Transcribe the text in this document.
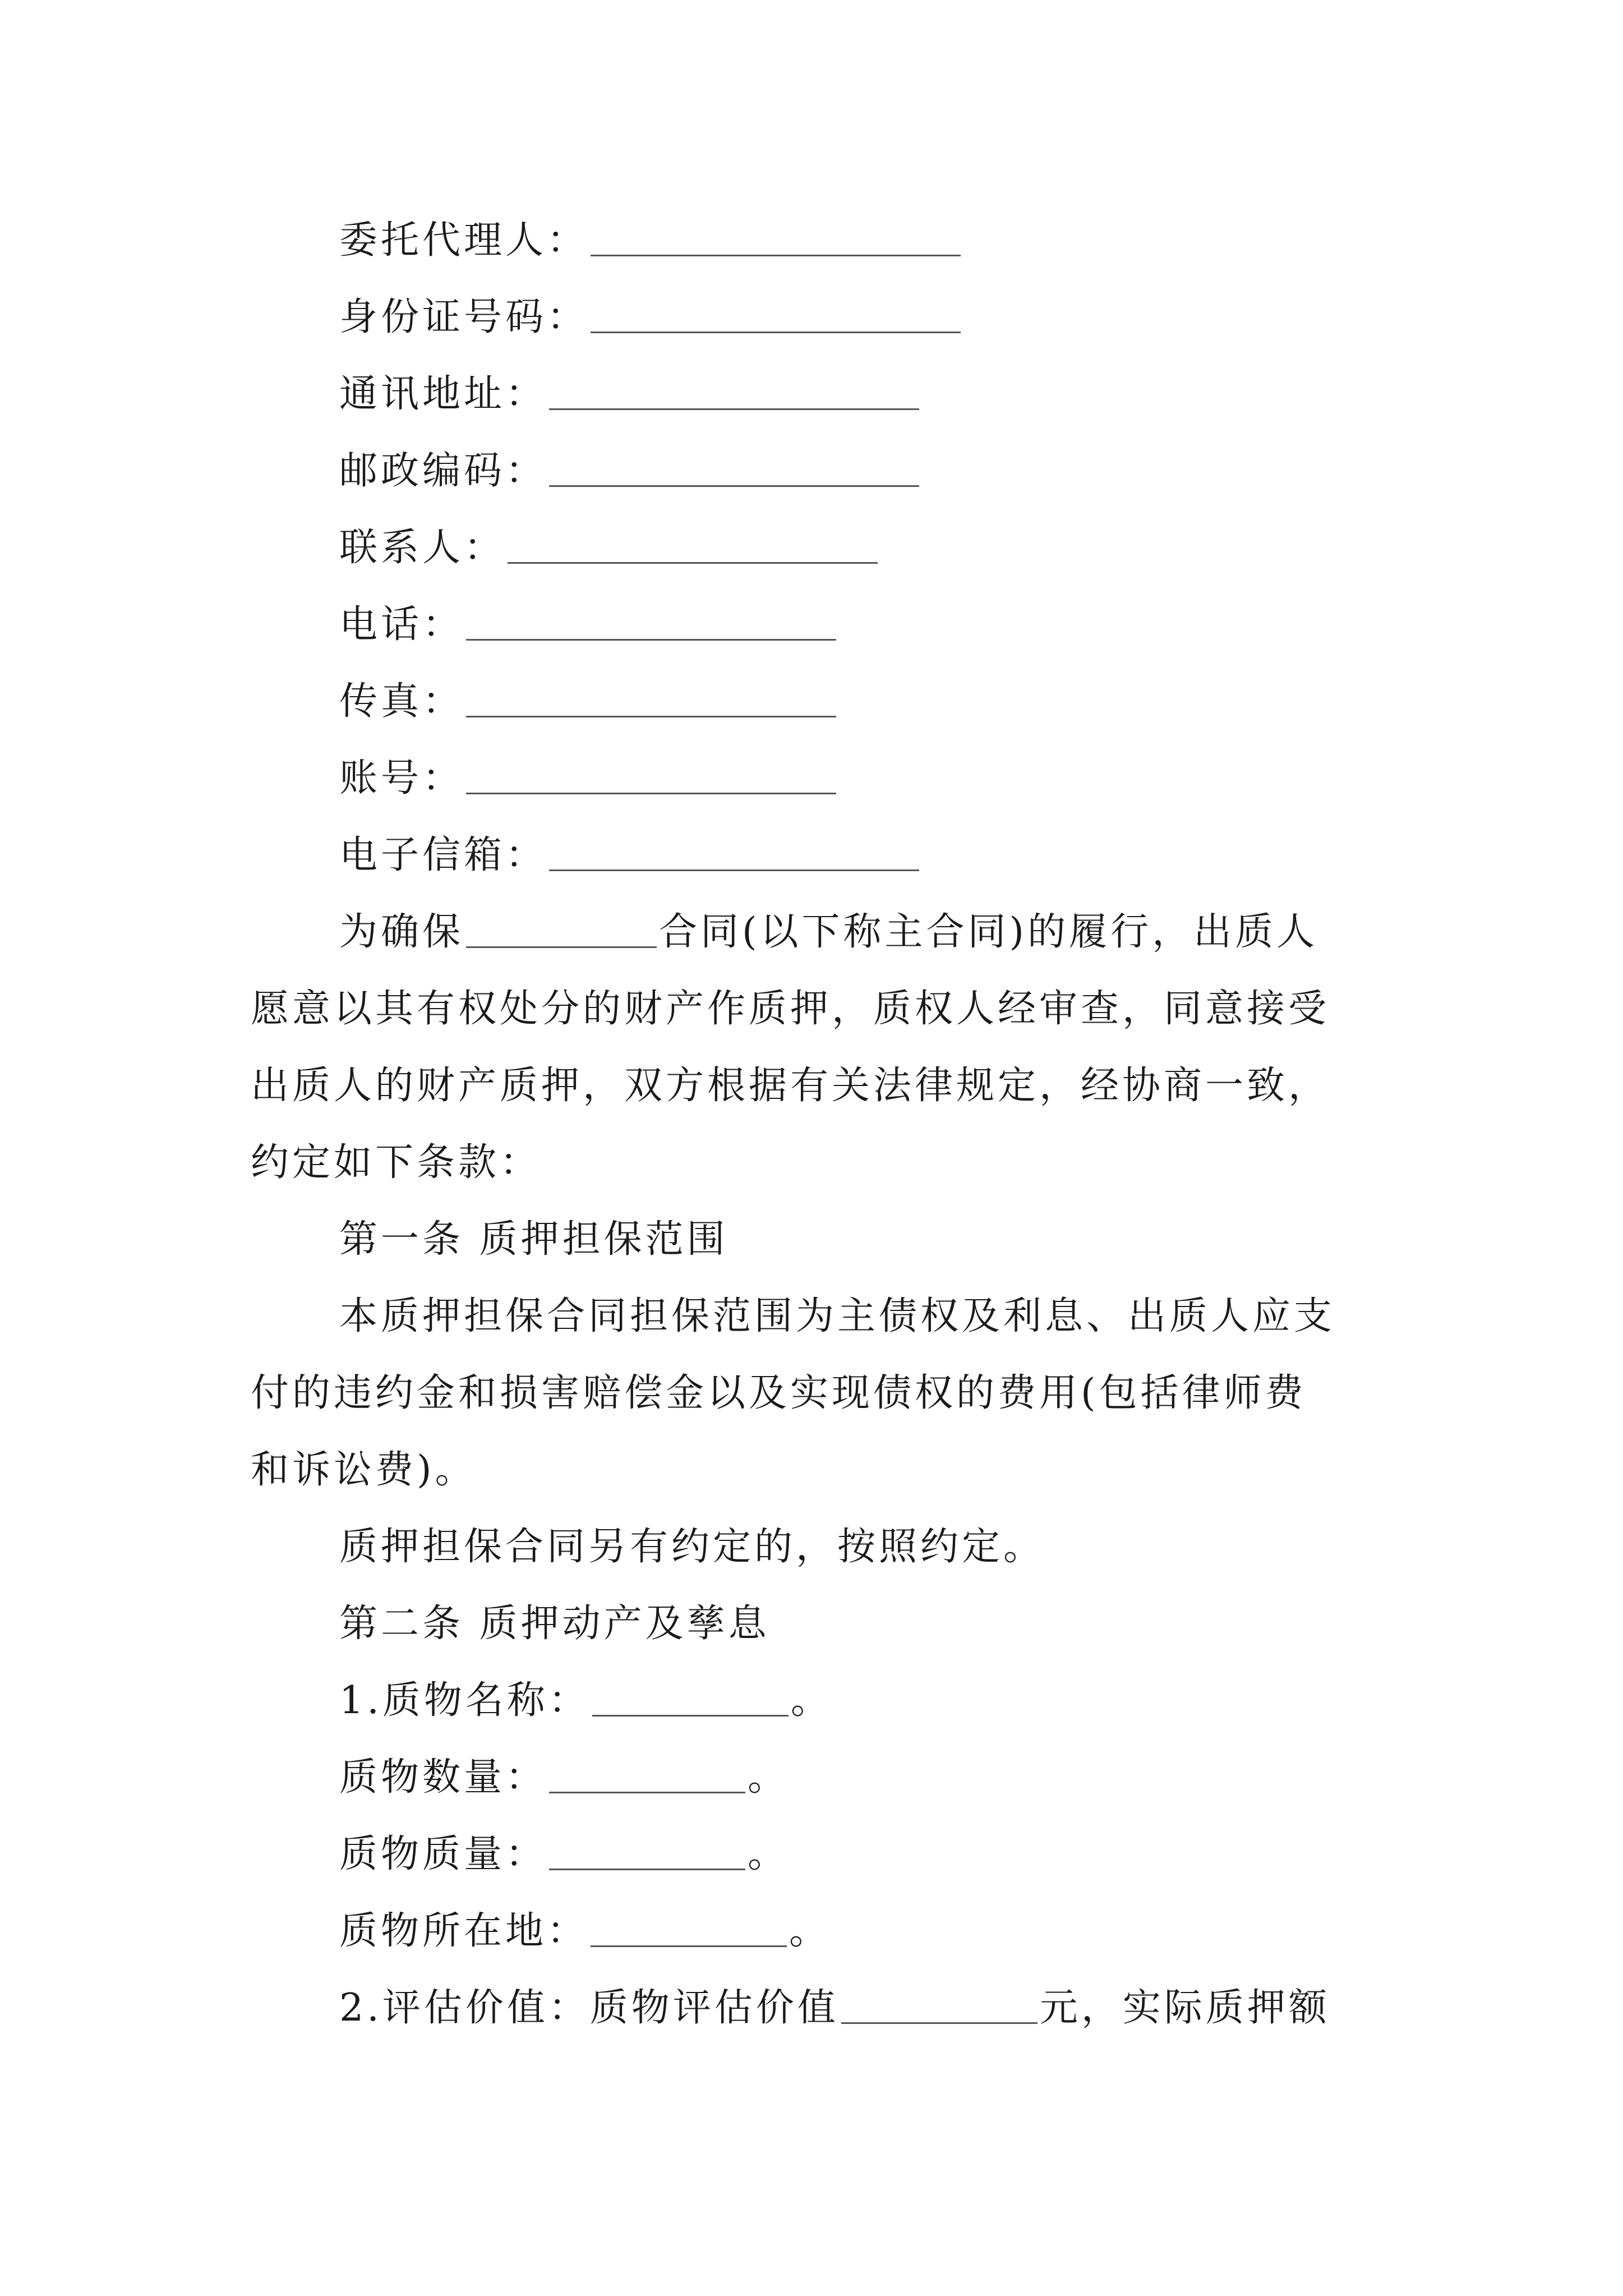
委托代理人：
身份证号码：
通讯地址：
邮政编码：
联系人：
电话：
传真：
账号：
电子信箱：
为确保	合同(以下称主合同)的履行，出质人
愿意以其有权处分的财产作质押，质权人经审查，同意接受
出质人的财产质押，双方根据有关法律规定，经协商一致，
约定如下条款：
第一条 质押担保范围
本质押担保合同担保范围为主债权及利息、出质人应支
付的违约金和损害赔偿金以及实现债权的费用(包括律师费
和诉讼费)。
质押担保合同另有约定的，按照约定。
第二条 质押动产及孳息
1.质物名称：	。
质物数量：	。
质物质量：	。
质物所在地：	。
2.评估价值：质物评估价值	元，实际质押额
